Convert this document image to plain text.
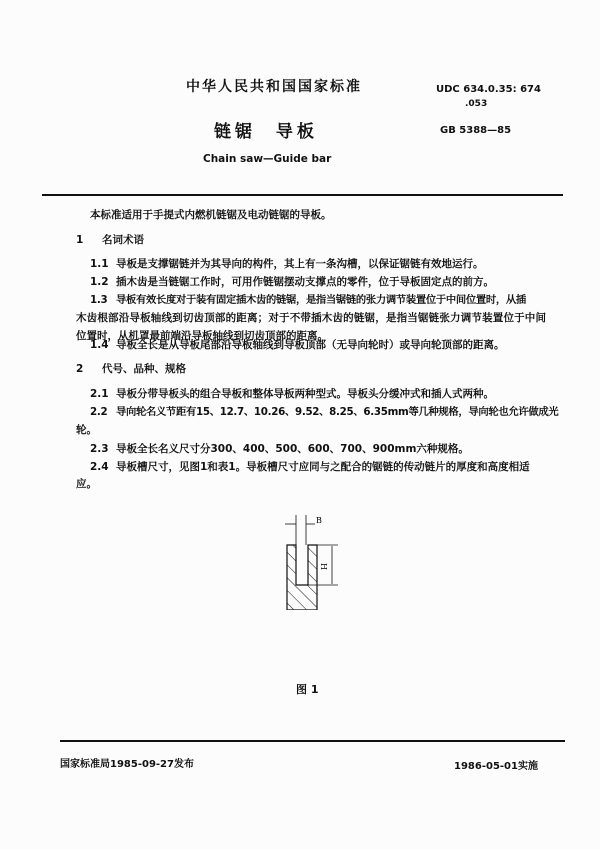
中华人民共和国国家标准	UDC 634.0.35: 674
.053
链锯  导板	GB 5388—85
Chain saw—Guide bar
本标准适用于手提式内燃机链锯及电动链锯的导板。
1 名词术语
1.1 导板是支撑锯链并为其导向的构件，其上有一条沟槽，以保证锯链有效地运行。
1.2 插木齿是当链锯工作时，可用作链锯摆动支撑点的零件，位于导板固定点的前方。
1.3 导板有效长度对于装有固定插木齿的链锯，是指当锯链的张力调节装置位于中间位置时，从插
木齿根部沿导板轴线到切齿顶部的距离；对于不带插木齿的链锯，是指当锯链张力调节装置位于中间
位置时，从机罩最前端沿导板轴线到切齿顶部的距离。
1.4 导板全长是从导板尾部沿导板轴线到导板顶部（无导向轮时）或导向轮顶部的距离。
2 代号、品种、规格
2.1 导板分带导板头的组合导板和整体导板两种型式。导板头分缓冲式和插人式两种。
2.2 导向轮名义节距有15、12.7、10.26、9.52、8.25、6.35mm等几种规格，导向轮也允许做成光
轮。
2.3 导板全长名义尺寸分300、400、500、600、700、900mm六种规格。
2.4 导板槽尺寸，见图1和表1。导板槽尺寸应同与之配合的锯链的传动链片的厚度和高度相适
应。
B
H
图 1
国家标准局1985-09-27发布	1986-05-01实施
